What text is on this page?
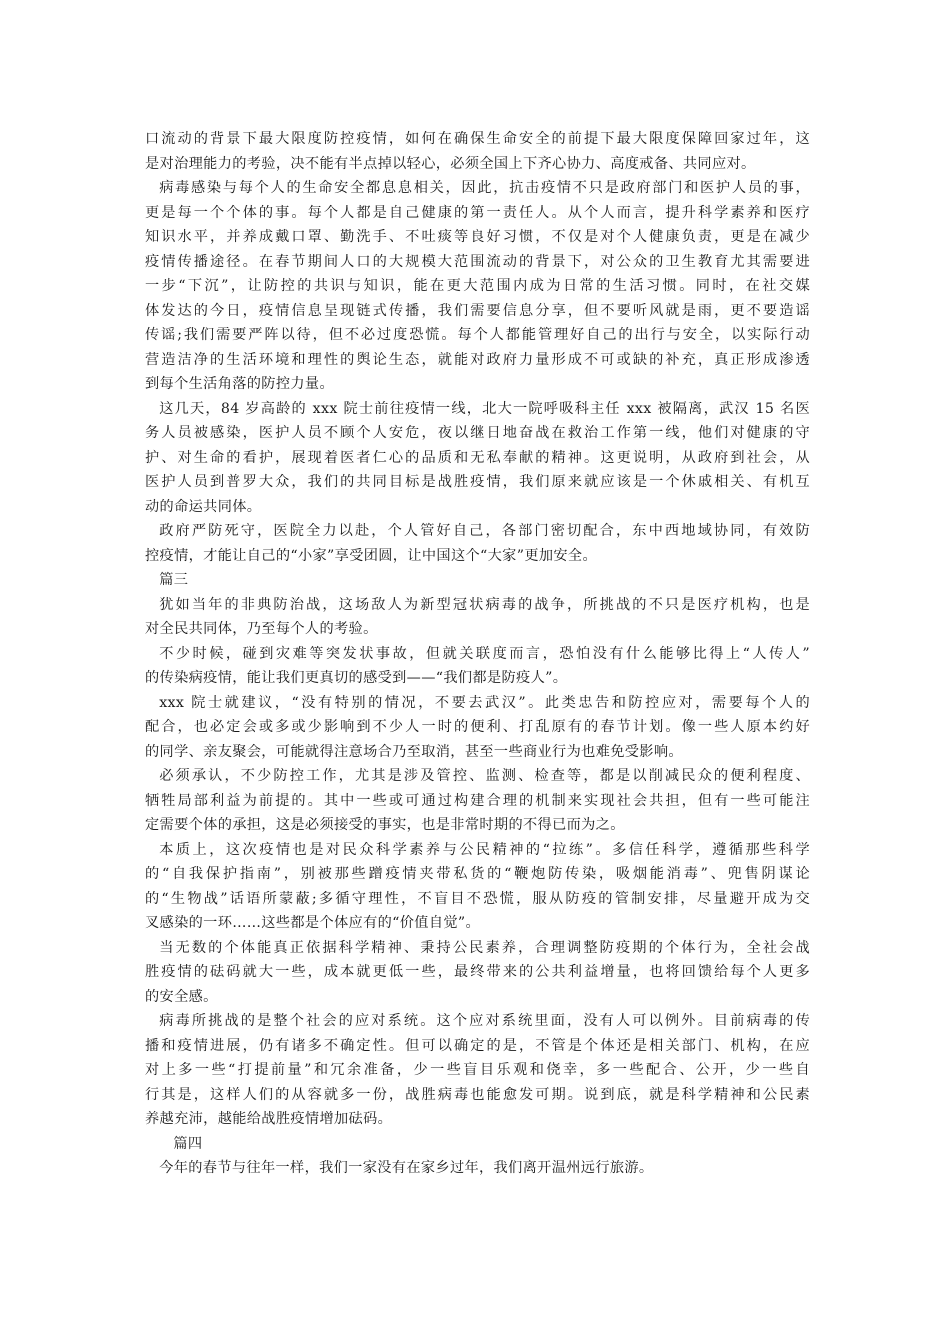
口流动的背景下最大限度防控疫情，如何在确保生命安全的前提下最大限度保障回家过年，这
是对治理能力的考验，决不能有半点掉以轻心，必须全国上下齐心协力、高度戒备、共同应对。
病毒感染与每个人的生命安全都息息相关，因此，抗击疫情不只是政府部门和医护人员的事，
更是每一个个体的事。每个人都是自己健康的第一责任人。从个人而言，提升科学素养和医疗
知识水平，并养成戴口罩、勤洗手、不吐痰等良好习惯，不仅是对个人健康负责，更是在减少
疫情传播途径。在春节期间人口的大规模大范围流动的背景下，对公众的卫生教育尤其需要进
一步“下沉”，让防控的共识与知识，能在更大范围内成为日常的生活习惯。同时，在社交媒
体发达的今日，疫情信息呈现链式传播，我们需要信息分享，但不要听风就是雨，更不要造谣
传谣;我们需要严阵以待，但不必过度恐慌。每个人都能管理好自己的出行与安全，以实际行动
营造洁净的生活环境和理性的舆论生态，就能对政府力量形成不可或缺的补充，真正形成渗透
到每个生活角落的防控力量。
这几天，84 岁高龄的 xxx 院士前往疫情一线，北大一院呼吸科主任 xxx 被隔离，武汉 15 名医
务人员被感染，医护人员不顾个人安危，夜以继日地奋战在救治工作第一线，他们对健康的守
护、对生命的看护，展现着医者仁心的品质和无私奉献的精神。这更说明，从政府到社会，从
医护人员到普罗大众，我们的共同目标是战胜疫情，我们原来就应该是一个休戚相关、有机互
动的命运共同体。
政府严防死守，医院全力以赴，个人管好自己，各部门密切配合，东中西地域协同，有效防
控疫情，才能让自己的“小家”享受团圆，让中国这个“大家”更加安全。
篇三
犹如当年的非典防治战，这场敌人为新型冠状病毒的战争，所挑战的不只是医疗机构，也是
对全民共同体，乃至每个人的考验。
不少时候，碰到灾难等突发状事故，但就关联度而言，恐怕没有什么能够比得上“人传人”
的传染病疫情，能让我们更真切的感受到——“我们都是防疫人”。
xxx 院士就建议，“没有特别的情况，不要去武汉”。此类忠告和防控应对，需要每个人的
配合，也必定会或多或少影响到不少人一时的便利、打乱原有的春节计划。像一些人原本约好
的同学、亲友聚会，可能就得注意场合乃至取消，甚至一些商业行为也难免受影响。
必须承认，不少防控工作，尤其是涉及管控、监测、检查等，都是以削减民众的便利程度、
牺牲局部利益为前提的。其中一些或可通过构建合理的机制来实现社会共担，但有一些可能注
定需要个体的承担，这是必须接受的事实，也是非常时期的不得已而为之。
本质上，这次疫情也是对民众科学素养与公民精神的“拉练”。多信任科学，遵循那些科学
的“自我保护指南”，别被那些蹭疫情夹带私货的“鞭炮防传染，吸烟能消毒”、兜售阴谋论
的“生物战”话语所蒙蔽;多循守理性，不盲目不恐慌，服从防疫的管制安排，尽量避开成为交
叉感染的一环……这些都是个体应有的“价值自觉”。
当无数的个体能真正依据科学精神、秉持公民素养，合理调整防疫期的个体行为，全社会战
胜疫情的砝码就大一些，成本就更低一些，最终带来的公共利益增量，也将回馈给每个人更多
的安全感。
病毒所挑战的是整个社会的应对系统。这个应对系统里面，没有人可以例外。目前病毒的传
播和疫情进展，仍有诸多不确定性。但可以确定的是，不管是个体还是相关部门、机构，在应
对上多一些“打提前量”和冗余准备，少一些盲目乐观和侥幸，多一些配合、公开，少一些自
行其是，这样人们的从容就多一份，战胜病毒也能愈发可期。说到底，就是科学精神和公民素
养越充沛，越能给战胜疫情增加砝码。
篇四
今年的春节与往年一样，我们一家没有在家乡过年，我们离开温州远行旅游。
